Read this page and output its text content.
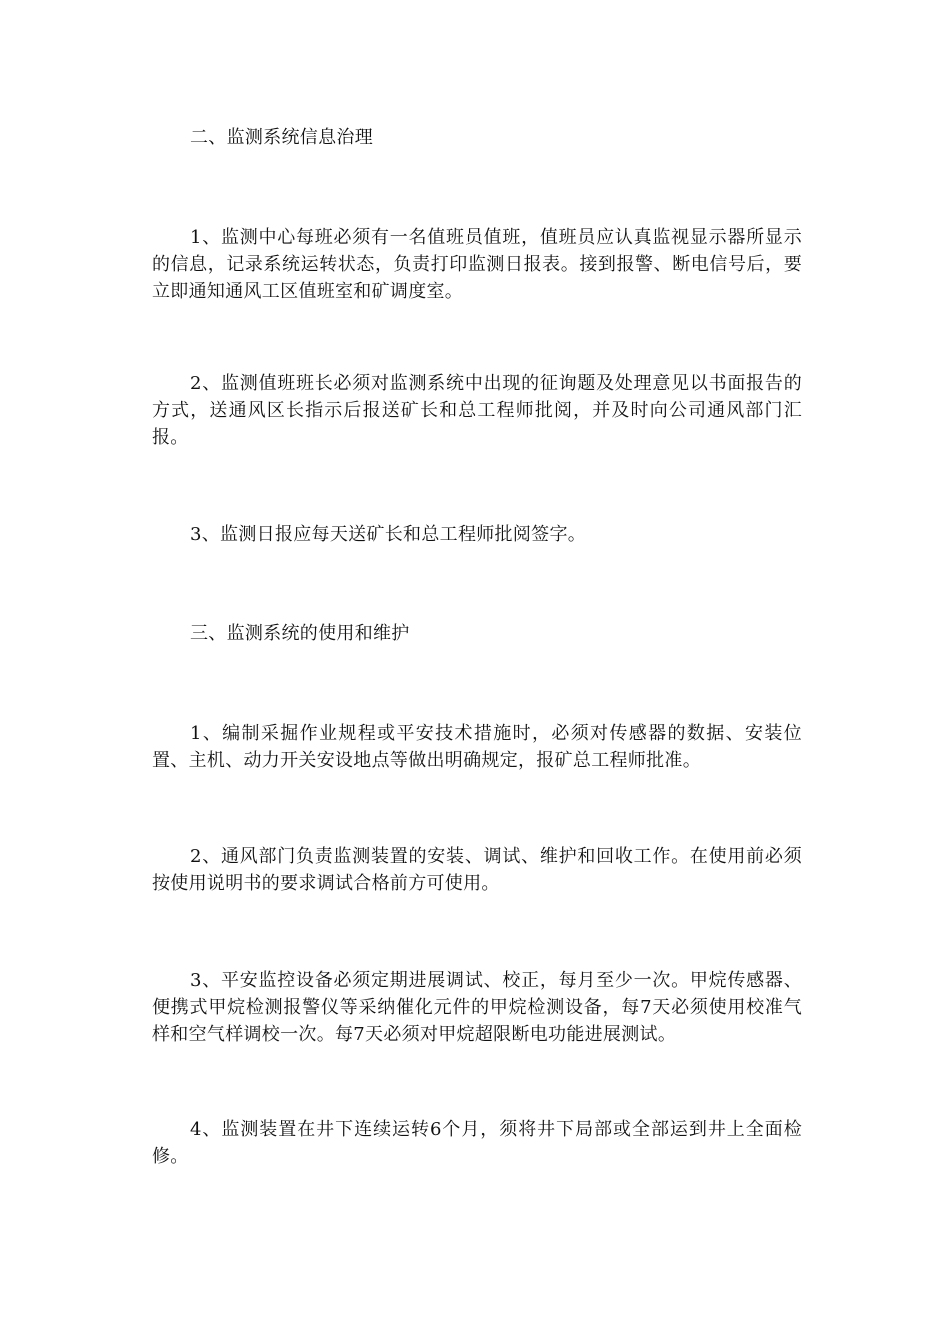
二、监测系统信息治理

1、监测中心每班必须有一名值班员值班，值班员应认真监视显示器所显示的信息，记录系统运转状态，负责打印监测日报表。接到报警、断电信号后，要立即通知通风工区值班室和矿调度室。

2、监测值班班长必须对监测系统中出现的征询题及处理意见以书面报告的方式，送通风区长指示后报送矿长和总工程师批阅，并及时向公司通风部门汇报。

3、监测日报应每天送矿长和总工程师批阅签字。

三、监测系统的使用和维护

1、编制采掘作业规程或平安技术措施时，必须对传感器的数据、安装位置、主机、动力开关安设地点等做出明确规定，报矿总工程师批准。

2、通风部门负责监测装置的安装、调试、维护和回收工作。在使用前必须按使用说明书的要求调试合格前方可使用。

3、平安监控设备必须定期进展调试、校正，每月至少一次。甲烷传感器、便携式甲烷检测报警仪等采纳催化元件的甲烷检测设备，每7天必须使用校准气样和空气样调校一次。每7天必须对甲烷超限断电功能进展测试。

4、监测装置在井下连续运转6个月，须将井下局部或全部运到井上全面检修。
